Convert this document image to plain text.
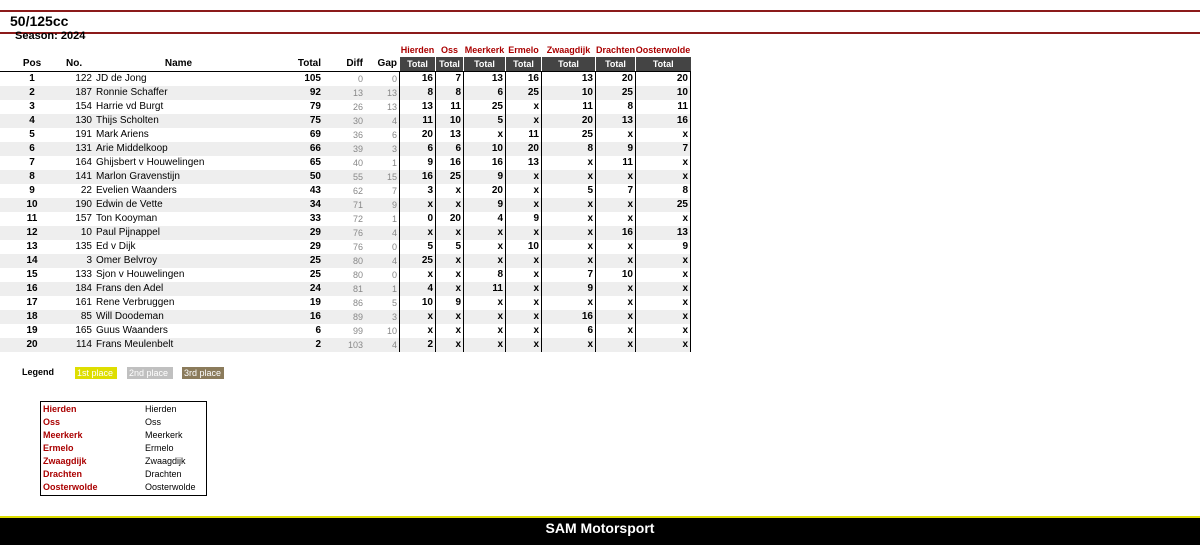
50/125cc
Season: 2024
						Hierden	Oss	Meerkerk	Ermelo	Zwaagdijk	Drachten	Oosterwolde
Pos	No.	Name	Total	Diff	Gap	Total	Total	Total	Total	Total	Total	Total
1	122	JD de Jong	105	0	0	16	7	13	16	13	20	20
2	187	Ronnie Schaffer	92	13	13	8	8	6	25	10	25	10
3	154	Harrie vd Burgt	79	26	13	13	11	25	x	11	8	11
4	130	Thijs Scholten	75	30	4	11	10	5	x	20	13	16
5	191	Mark Ariens	69	36	6	20	13	x	11	25	x	x
6	131	Arie Middelkoop	66	39	3	6	6	10	20	8	9	7
7	164	Ghijsbert v Houwelingen	65	40	1	9	16	16	13	x	11	x
8	141	Marlon Gravenstijn	50	55	15	16	25	9	x	x	x	x
9	22	Evelien Waanders	43	62	7	3	x	20	x	5	7	8
10	190	Edwin de Vette	34	71	9	x	x	9	x	x	x	25
11	157	Ton Kooyman	33	72	1	0	20	4	9	x	x	x
12	10	Paul Pijnappel	29	76	4	x	x	x	x	x	16	13
13	135	Ed v Dijk	29	76	0	5	5	x	10	x	x	9
14	3	Omer Belvroy	25	80	4	25	x	x	x	x	x	x
15	133	Sjon v Houwelingen	25	80	0	x	x	8	x	7	10	x
16	184	Frans den Adel	24	81	1	4	x	11	x	9	x	x
17	161	Rene Verbruggen	19	86	5	10	9	x	x	x	x	x
18	85	Will Doodeman	16	89	3	x	x	x	x	16	x	x
19	165	Guus Waanders	6	99	10	x	x	x	x	6	x	x
20	114	Frans Meulenbelt	2	103	4	2	x	x	x	x	x	x
Legend	1st place	2nd place	3rd place
Hierden	Hierden
Oss	Oss
Meerkerk	Meerkerk
Ermelo	Ermelo
Zwaagdijk	Zwaagdijk
Drachten	Drachten
Oosterwolde	Oosterwolde
SAM Motorsport
